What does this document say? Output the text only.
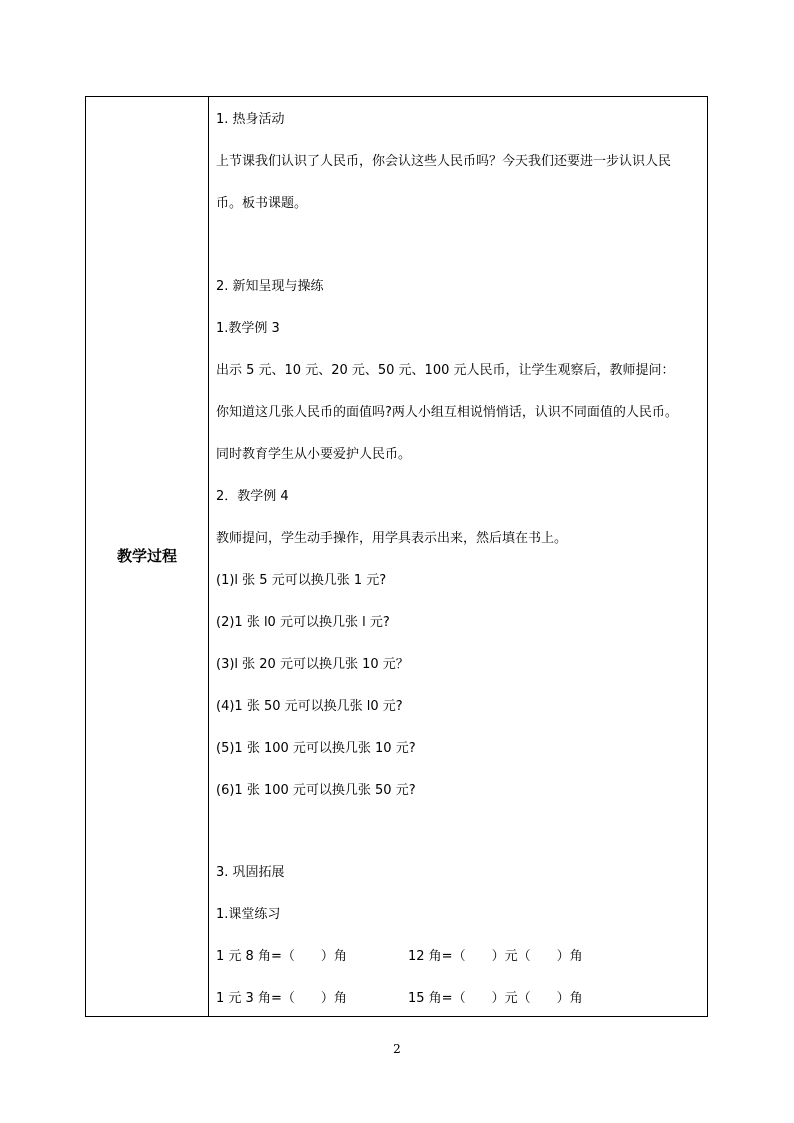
教学过程
1. 热身活动
上节课我们认识了人民币，你会认这些人民币吗？今天我们还要进一步认识人民
币。板书课题。
2. 新知呈现与操练
1.教学例 3
出示 5 元、10 元、20 元、50 元、100 元人民币，让学生观察后，教师提问：
你知道这几张人民币的面值吗?两人小组互相说悄悄话，认识不同面值的人民币。
同时教育学生从小要爱护人民币。
2．教学例 4
教师提问，学生动手操作，用学具表示出来，然后填在书上。
(1)l 张 5 元可以换几张 1 元?
(2)1 张 l0 元可以换几张 l 元?
(3)l 张 20 元可以换几张 10 元？
(4)1 张 50 元可以换几张 l0 元?
(5)1 张 100 元可以换几张 10 元?
(6)1 张 100 元可以换几张 50 元?
3. 巩固拓展
1.课堂练习
1 元 8 角=（　　）角	12 角=（　　）元（　　）角
1 元 3 角=（　　）角	15 角=（　　）元（　　）角
2
